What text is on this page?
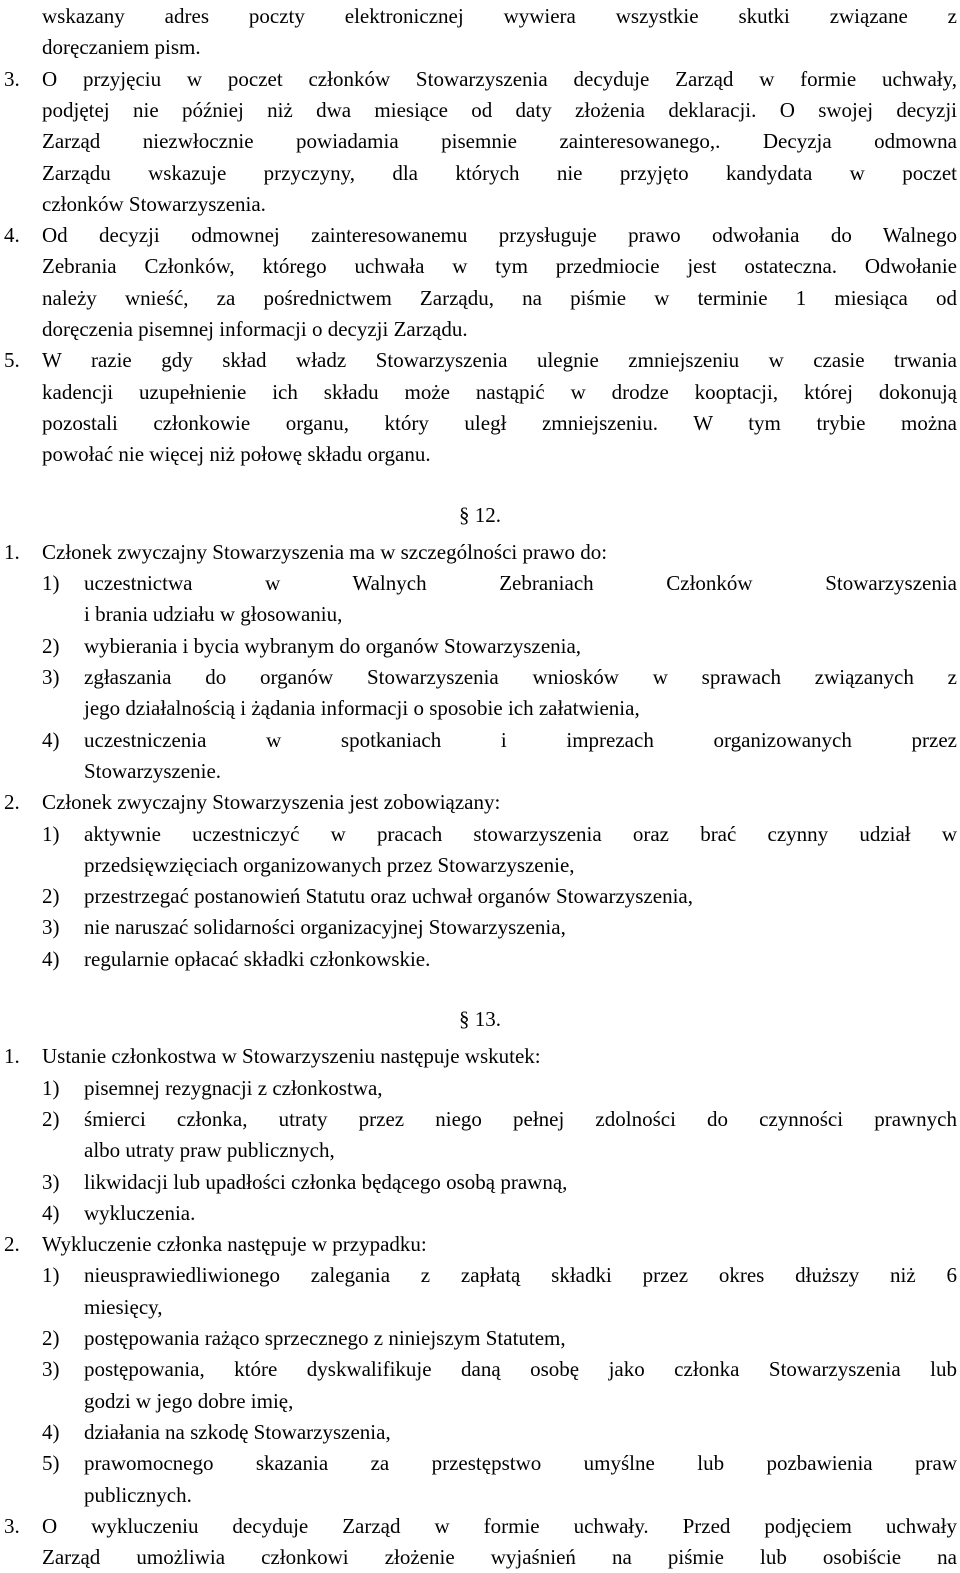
wskazany adres poczty elektronicznej wywiera wszystkie skutki związane z
doręczaniem pism.
3. O przyjęciu w poczet członków Stowarzyszenia decyduje Zarząd w formie uchwały,
podjętej nie później niż dwa miesiące od daty złożenia deklaracji. O swojej decyzji
Zarząd niezwłocznie powiadamia pisemnie zainteresowanego,. Decyzja odmowna
Zarządu wskazuje przyczyny, dla których nie przyjęto kandydata w poczet
członków Stowarzyszenia.
4. Od decyzji odmownej zainteresowanemu przysługuje prawo odwołania do Walnego
Zebrania Członków, którego uchwała w tym przedmiocie jest ostateczna. Odwołanie
należy wnieść, za pośrednictwem Zarządu, na piśmie w terminie 1 miesiąca od
doręczenia pisemnej informacji o decyzji Zarządu.
5. W razie gdy skład władz Stowarzyszenia ulegnie zmniejszeniu w czasie trwania
kadencji uzupełnienie ich składu może nastąpić w drodze kooptacji, której dokonują
pozostali członkowie organu, który uległ zmniejszeniu. W tym trybie można
powołać nie więcej niż połowę składu organu.
§ 12.
1. Członek zwyczajny Stowarzyszenia ma w szczególności prawo do:
1) uczestnictwa w Walnych Zebraniach Członków Stowarzyszenia
i brania udziału w głosowaniu,
2) wybierania i bycia wybranym do organów Stowarzyszenia,
3) zgłaszania do organów Stowarzyszenia wniosków w sprawach związanych z
jego działalnością i żądania informacji o sposobie ich załatwienia,
4) uczestniczenia w spotkaniach i imprezach organizowanych przez
Stowarzyszenie.
2. Członek zwyczajny Stowarzyszenia jest zobowiązany:
1) aktywnie uczestniczyć w pracach stowarzyszenia oraz brać czynny udział w
przedsięwzięciach organizowanych przez Stowarzyszenie,
2) przestrzegać postanowień Statutu oraz uchwał organów Stowarzyszenia,
3) nie naruszać solidarności organizacyjnej Stowarzyszenia,
4) regularnie opłacać składki członkowskie.
§ 13.
1. Ustanie członkostwa w Stowarzyszeniu następuje wskutek:
1) pisemnej rezygnacji z członkostwa,
2) śmierci członka, utraty przez niego pełnej zdolności do czynności prawnych
albo utraty praw publicznych,
3) likwidacji lub upadłości członka będącego osobą prawną,
4) wykluczenia.
2. Wykluczenie członka następuje w przypadku:
1) nieusprawiedliwionego zalegania z zapłatą składki przez okres dłuższy niż 6
miesięcy,
2) postępowania rażąco sprzecznego z niniejszym Statutem,
3) postępowania, które dyskwalifikuje daną osobę jako członka Stowarzyszenia lub
godzi w jego dobre imię,
4) działania na szkodę Stowarzyszenia,
5) prawomocnego skazania za przestępstwo umyślne lub pozbawienia praw
publicznych.
3. O wykluczeniu decyduje Zarząd w formie uchwały. Przed podjęciem uchwały
Zarząd umożliwia członkowi złożenie wyjaśnień na piśmie lub osobiście na
